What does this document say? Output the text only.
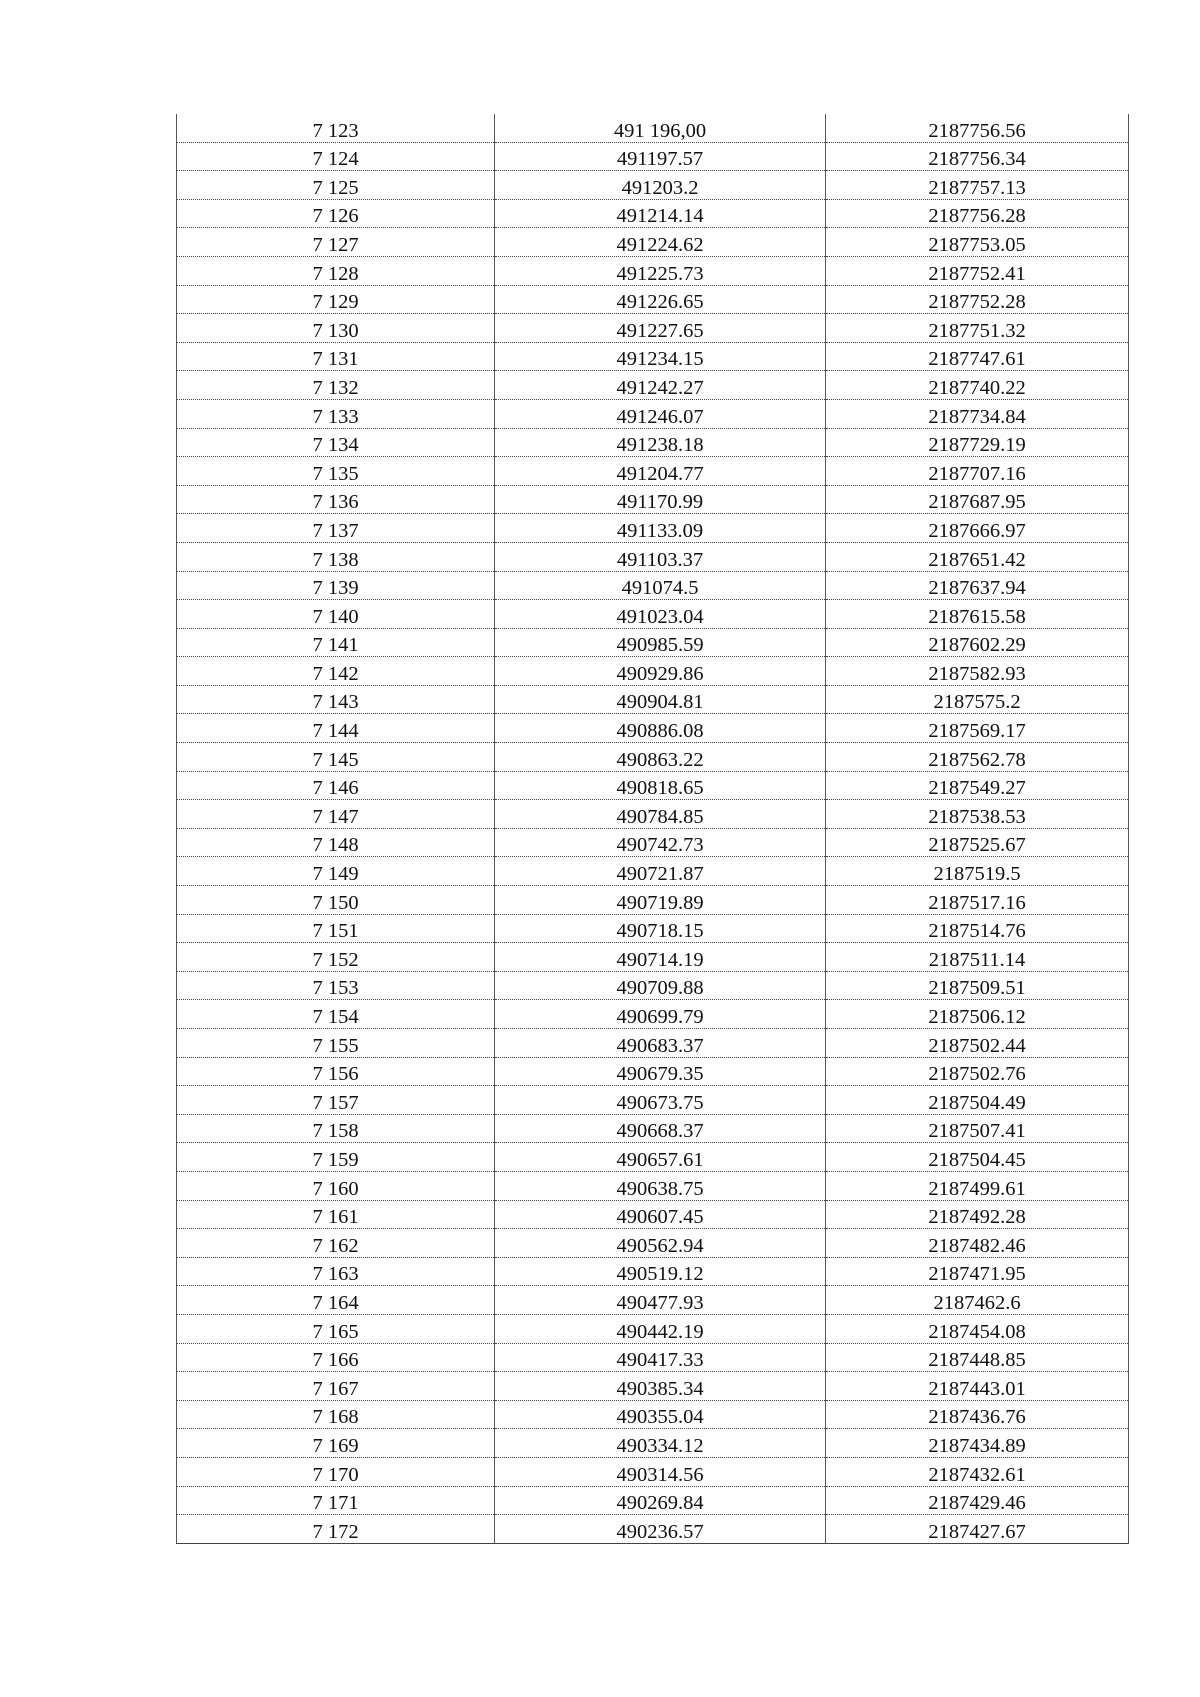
7 123	491 196,00	2187756.56
7 124	491197.57	2187756.34
7 125	491203.2	2187757.13
7 126	491214.14	2187756.28
7 127	491224.62	2187753.05
7 128	491225.73	2187752.41
7 129	491226.65	2187752.28
7 130	491227.65	2187751.32
7 131	491234.15	2187747.61
7 132	491242.27	2187740.22
7 133	491246.07	2187734.84
7 134	491238.18	2187729.19
7 135	491204.77	2187707.16
7 136	491170.99	2187687.95
7 137	491133.09	2187666.97
7 138	491103.37	2187651.42
7 139	491074.5	2187637.94
7 140	491023.04	2187615.58
7 141	490985.59	2187602.29
7 142	490929.86	2187582.93
7 143	490904.81	2187575.2
7 144	490886.08	2187569.17
7 145	490863.22	2187562.78
7 146	490818.65	2187549.27
7 147	490784.85	2187538.53
7 148	490742.73	2187525.67
7 149	490721.87	2187519.5
7 150	490719.89	2187517.16
7 151	490718.15	2187514.76
7 152	490714.19	2187511.14
7 153	490709.88	2187509.51
7 154	490699.79	2187506.12
7 155	490683.37	2187502.44
7 156	490679.35	2187502.76
7 157	490673.75	2187504.49
7 158	490668.37	2187507.41
7 159	490657.61	2187504.45
7 160	490638.75	2187499.61
7 161	490607.45	2187492.28
7 162	490562.94	2187482.46
7 163	490519.12	2187471.95
7 164	490477.93	2187462.6
7 165	490442.19	2187454.08
7 166	490417.33	2187448.85
7 167	490385.34	2187443.01
7 168	490355.04	2187436.76
7 169	490334.12	2187434.89
7 170	490314.56	2187432.61
7 171	490269.84	2187429.46
7 172	490236.57	2187427.67
